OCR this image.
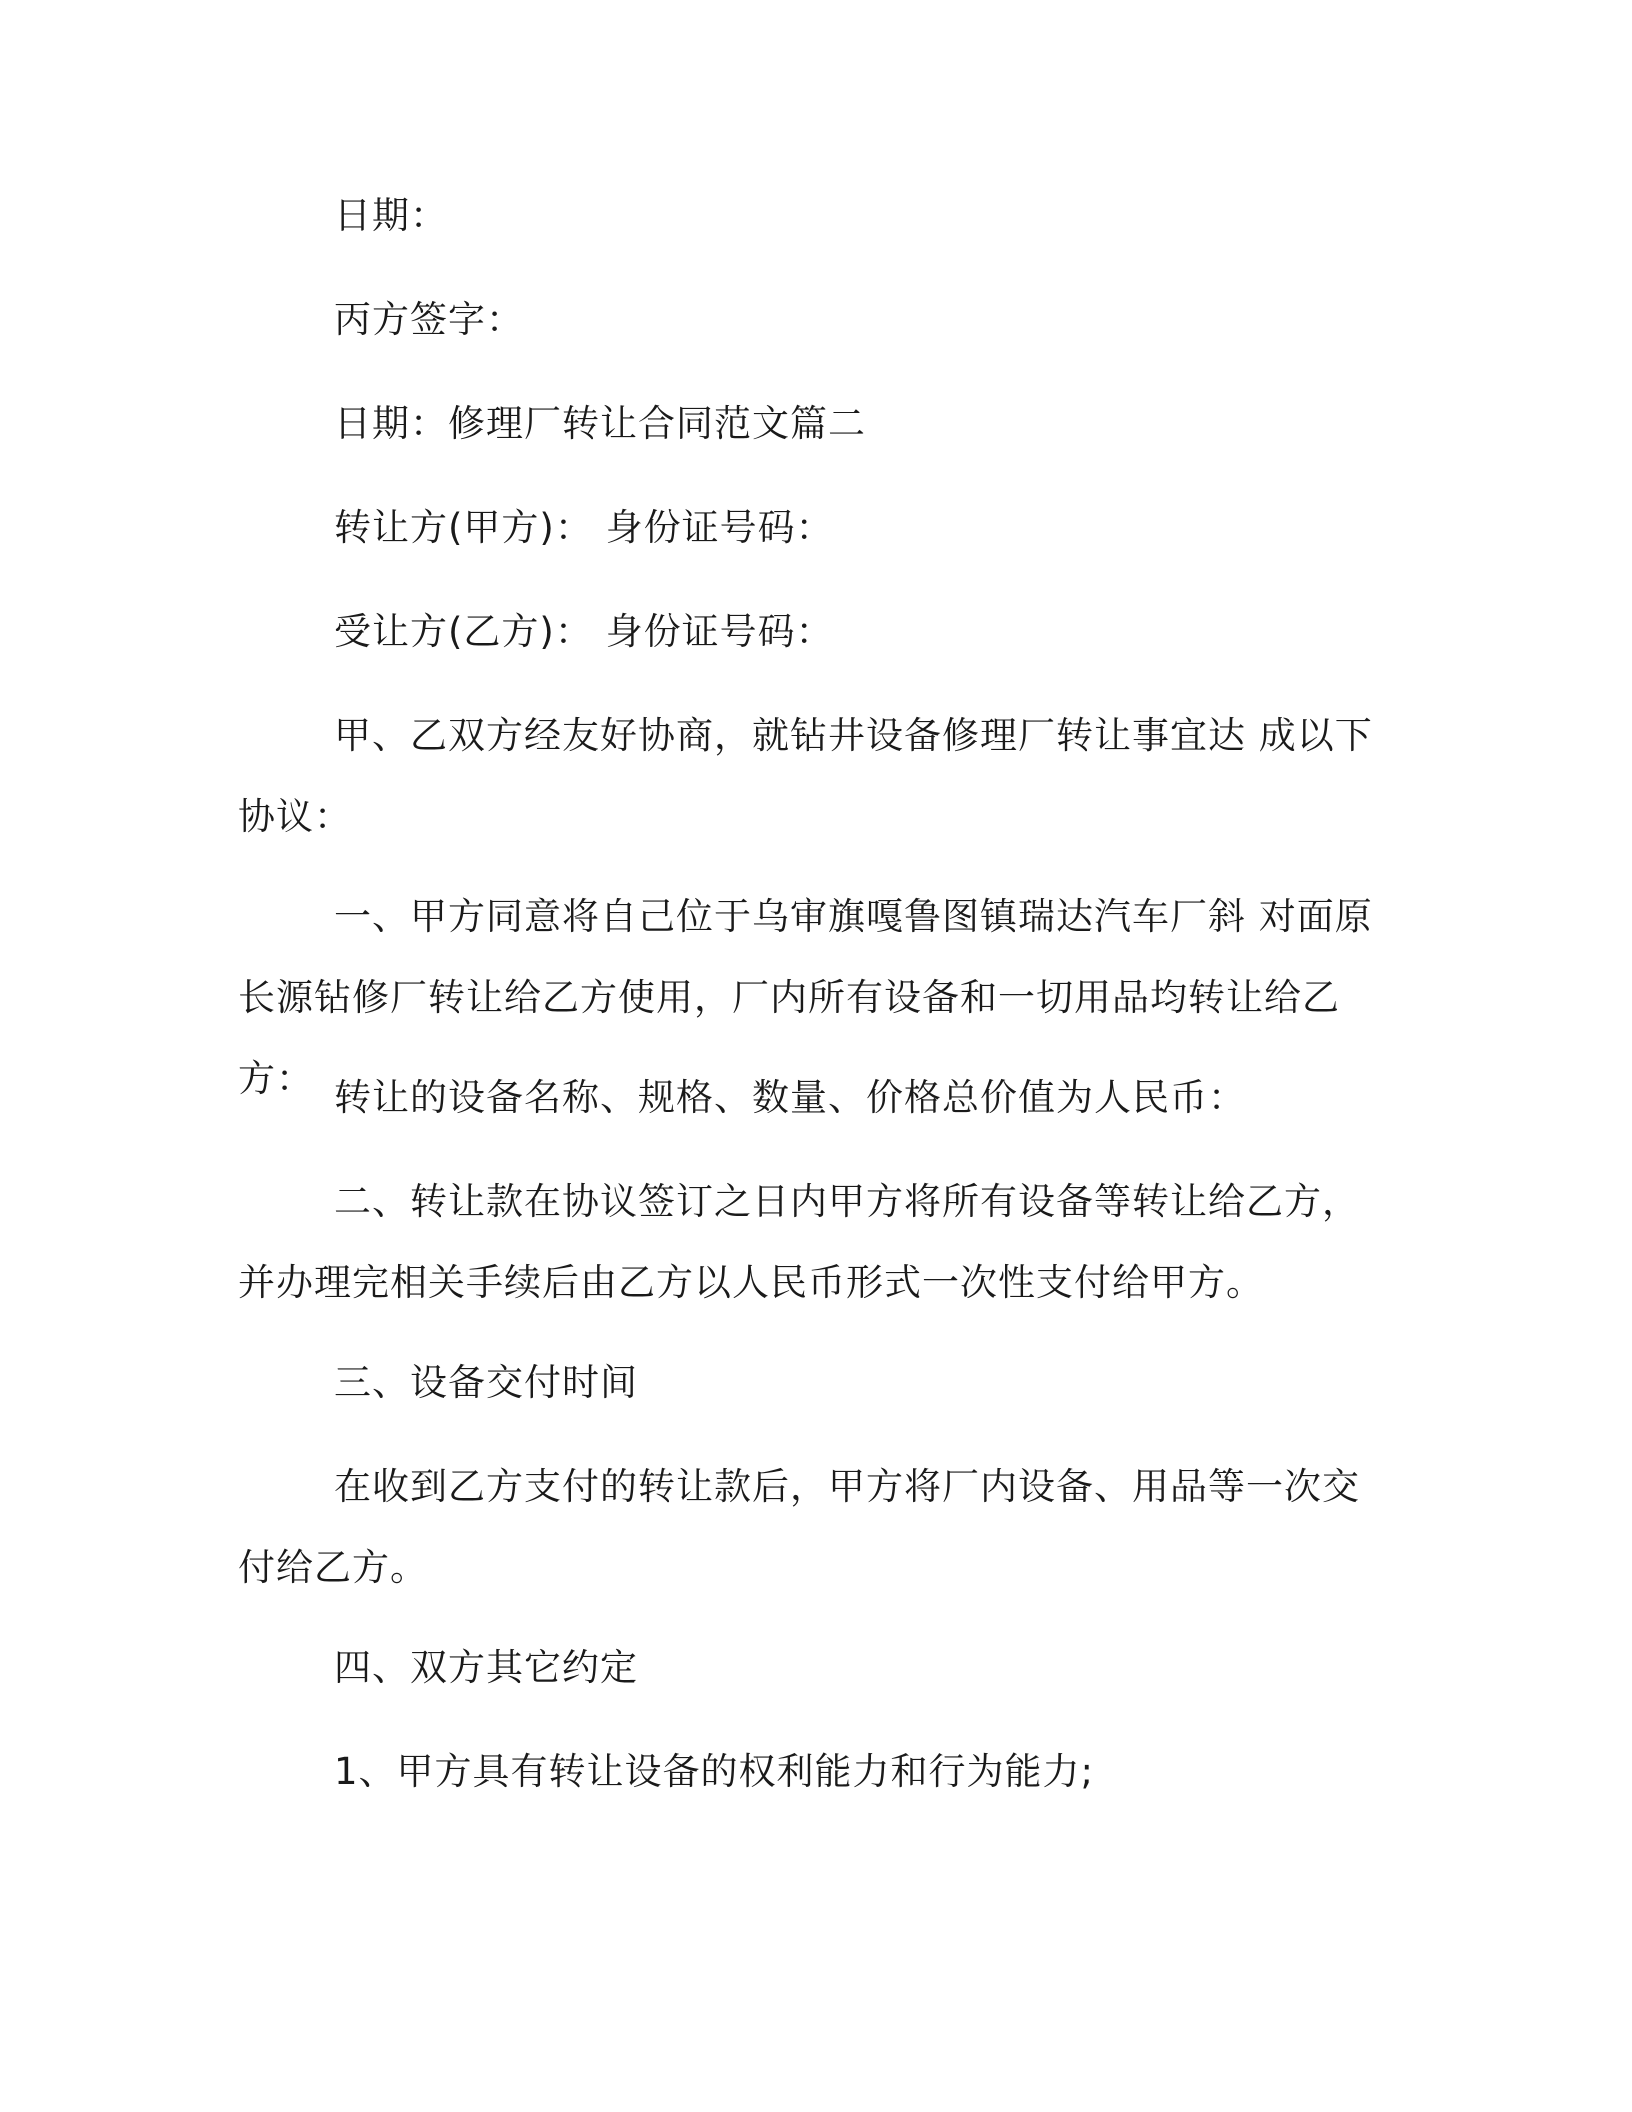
日期：

丙方签字：

日期：修理厂转让合同范文篇二

转让方(甲方)： 身份证号码：

受让方(乙方)： 身份证号码：

甲、乙双方经友好协商，就钻井设备修理厂转让事宜达 成以下协议：

一、甲方同意将自己位于乌审旗嘎鲁图镇瑞达汽车厂斜 对面原长源钻修厂转让给乙方使用，厂内所有设备和一切用品均转让给乙方： 转让的设备名称、规格、数量、价格总价值为人民币：

二、转让款在协议签订之日内甲方将所有设备等转让给乙方，并办理完相关手续后由乙方以人民币形式一次性支付给甲方。

三、设备交付时间

在收到乙方支付的转让款后，甲方将厂内设备、用品等一次交付给乙方。

四、双方其它约定

1、甲方具有转让设备的权利能力和行为能力;
